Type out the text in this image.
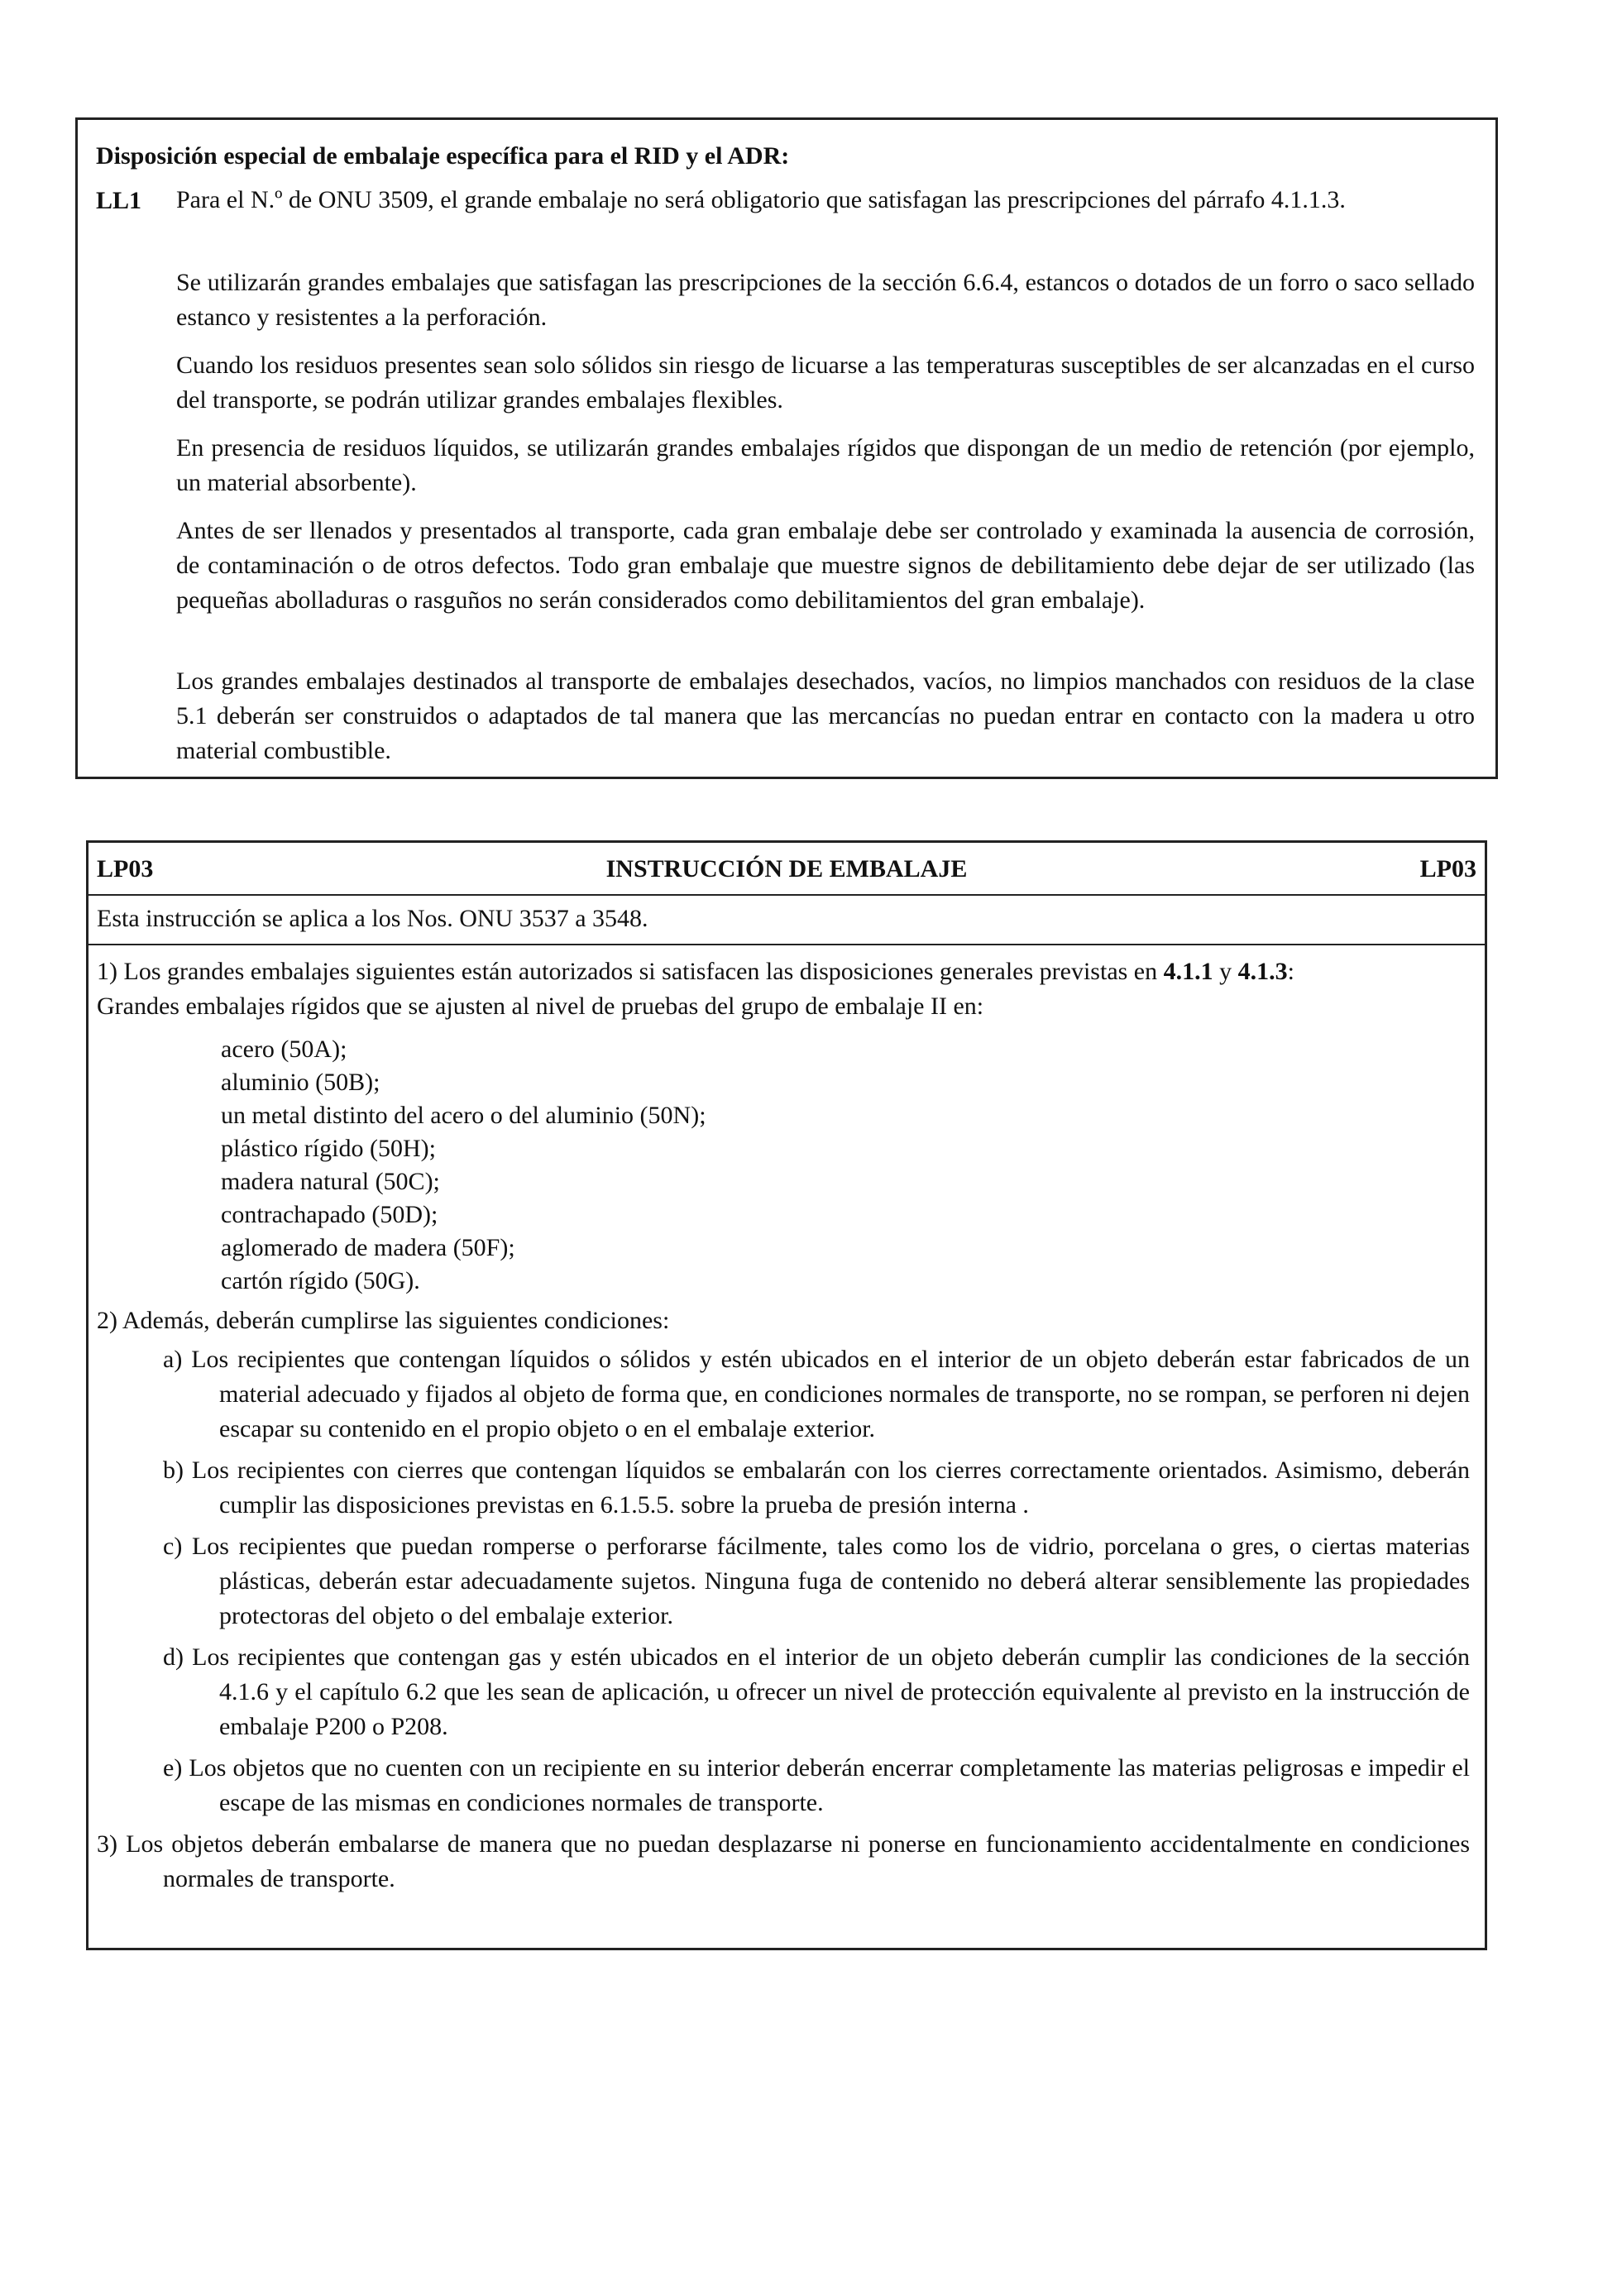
Disposición especial de embalaje específica para el RID y el ADR:
LL1 Para el N.º de ONU 3509, el grande embalaje no será obligatorio que satisfagan las prescripciones del párrafo 4.1.1.3.
Se utilizarán grandes embalajes que satisfagan las prescripciones de la sección 6.6.4, estancos o dotados de un forro o saco sellado estanco y resistentes a la perforación.
Cuando los residuos presentes sean solo sólidos sin riesgo de licuarse a las temperaturas susceptibles de ser alcanzadas en el curso del transporte, se podrán utilizar grandes embalajes flexibles.
En presencia de residuos líquidos, se utilizarán grandes embalajes rígidos que dispongan de un medio de retención (por ejemplo, un material absorbente).
Antes de ser llenados y presentados al transporte, cada gran embalaje debe ser controlado y examinada la ausencia de corrosión, de contaminación o de otros defectos. Todo gran embalaje que muestre signos de debilitamiento debe dejar de ser utilizado (las pequeñas abolladuras o rasguños no serán considerados como debilitamientos del gran embalaje).
Los grandes embalajes destinados al transporte de embalajes desechados, vacíos, no limpios manchados con residuos de la clase 5.1 deberán ser construidos o adaptados de tal manera que las mercancías no puedan entrar en contacto con la madera u otro material combustible.
LP03	INSTRUCCIÓN DE EMBALAJE	LP03
Esta instrucción se aplica a los Nos. ONU 3537 a 3548.
1) Los grandes embalajes siguientes están autorizados si satisfacen las disposiciones generales previstas en 4.1.1 y 4.1.3:
Grandes embalajes rígidos que se ajusten al nivel de pruebas del grupo de embalaje II en:
acero (50A);
aluminio (50B);
un metal distinto del acero o del aluminio (50N);
plástico rígido (50H);
madera natural (50C);
contrachapado (50D);
aglomerado de madera (50F);
cartón rígido (50G).
2) Además, deberán cumplirse las siguientes condiciones:
a) Los recipientes que contengan líquidos o sólidos y estén ubicados en el interior de un objeto deberán estar fabricados de un material adecuado y fijados al objeto de forma que, en condiciones normales de transporte, no se rompan, se perforen ni dejen escapar su contenido en el propio objeto o en el embalaje exterior.
b) Los recipientes con cierres que contengan líquidos se embalarán con los cierres correctamente orientados. Asimismo, deberán cumplir las disposiciones previstas en 6.1.5.5. sobre la prueba de presión interna .
c) Los recipientes que puedan romperse o perforarse fácilmente, tales como los de vidrio, porcelana o gres, o ciertas materias plásticas, deberán estar adecuadamente sujetos. Ninguna fuga de contenido no deberá alterar sensiblemente las propiedades protectoras del objeto o del embalaje exterior.
d) Los recipientes que contengan gas y estén ubicados en el interior de un objeto deberán cumplir las condiciones de la sección 4.1.6 y el capítulo 6.2 que les sean de aplicación, u ofrecer un nivel de protección equivalente al previsto en la instrucción de embalaje P200 o P208.
e) Los objetos que no cuenten con un recipiente en su interior deberán encerrar completamente las materias peligrosas e impedir el escape de las mismas en condiciones normales de transporte.
3) Los objetos deberán embalarse de manera que no puedan desplazarse ni ponerse en funcionamiento accidentalmente en condiciones normales de transporte.
